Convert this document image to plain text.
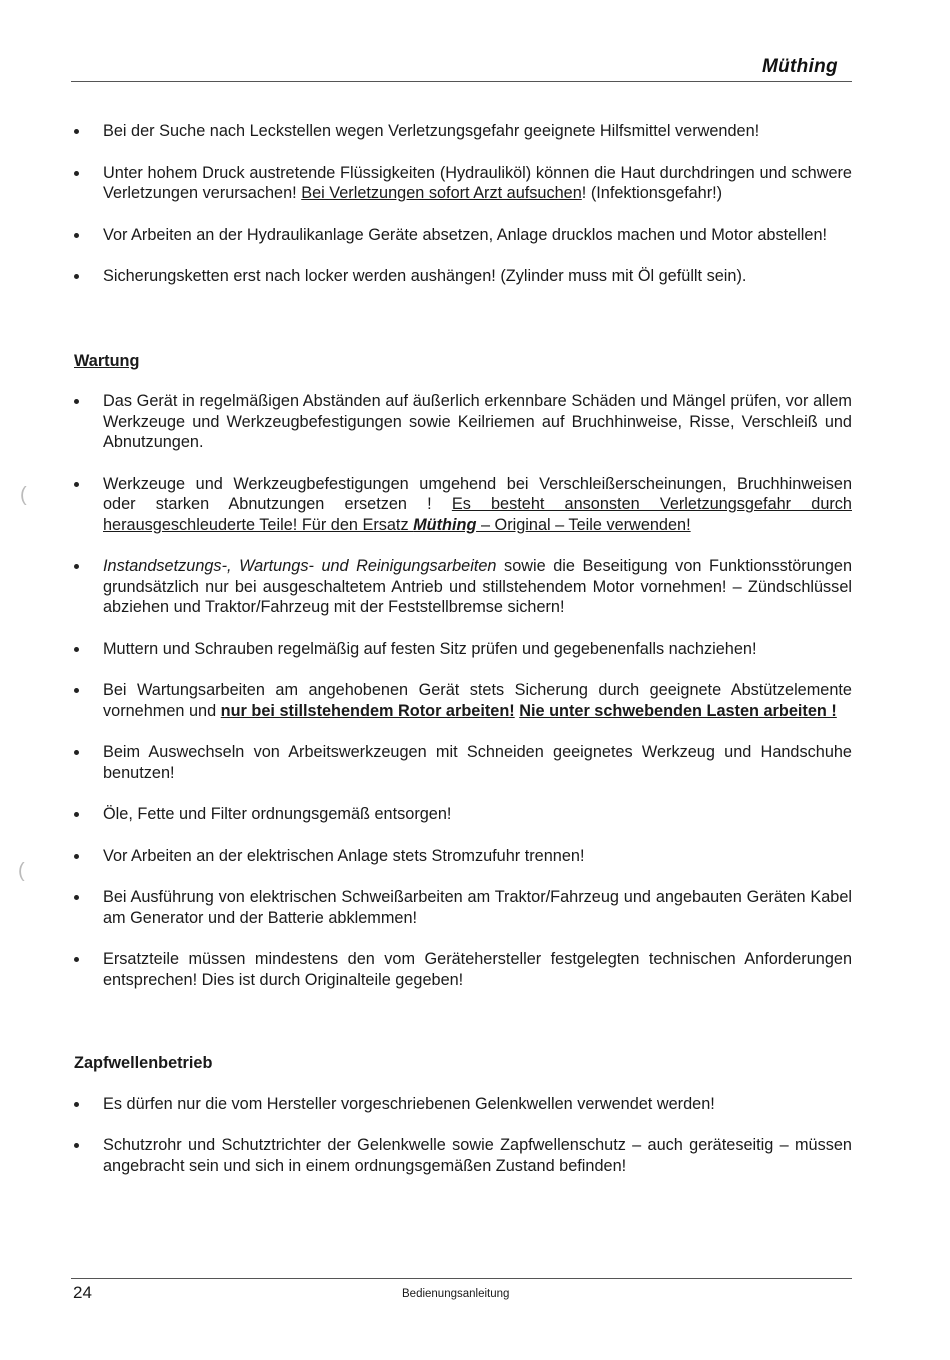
Müthing
(
(
Bei der Suche nach Leckstellen wegen Verletzungsgefahr geeignete Hilfsmittel verwenden!
Unter hohem Druck austretende Flüssigkeiten (Hydrauliköl) können die Haut durchdringen und schwere Verletzungen verursachen! Bei Verletzungen sofort Arzt aufsuchen! (Infektionsgefahr!)
Vor Arbeiten an der Hydraulikanlage Geräte absetzen, Anlage drucklos machen und Motor abstellen!
Sicherungsketten erst nach locker werden aushängen! (Zylinder muss mit Öl gefüllt sein).
Wartung
Das Gerät in regelmäßigen Abständen auf äußerlich erkennbare Schäden und Mängel prüfen, vor allem Werkzeuge und Werkzeugbefestigungen sowie Keilriemen auf Bruchhinweise, Risse, Verschleiß und Abnutzungen.
Werkzeuge und Werkzeugbefestigungen umgehend bei Verschleißerscheinungen, Bruchhinweisen oder starken Abnutzungen ersetzen ! Es besteht ansonsten Verletzungsgefahr durch herausgeschleuderte Teile! Für den Ersatz Müthing – Original – Teile verwenden!
Instandsetzungs-, Wartungs- und Reinigungsarbeiten sowie die Beseitigung von Funktionsstörungen grundsätzlich nur bei ausgeschaltetem Antrieb und stillstehendem Motor vornehmen! – Zündschlüssel abziehen und Traktor/Fahrzeug mit der Feststellbremse sichern!
Muttern und Schrauben regelmäßig auf festen Sitz prüfen und gegebenenfalls nachziehen!
Bei Wartungsarbeiten am angehobenen Gerät stets Sicherung durch geeignete Abstützelemente vornehmen und nur bei stillstehendem Rotor arbeiten! Nie unter schwebenden Lasten arbeiten !
Beim Auswechseln von Arbeitswerkzeugen mit Schneiden geeignetes Werkzeug und Handschuhe benutzen!
Öle, Fette und Filter ordnungsgemäß entsorgen!
Vor Arbeiten an der elektrischen Anlage stets Stromzufuhr trennen!
Bei Ausführung von elektrischen Schweißarbeiten am Traktor/Fahrzeug und angebauten Geräten Kabel am Generator und der Batterie abklemmen!
Ersatzteile müssen mindestens den vom Gerätehersteller festgelegten technischen Anforderungen entsprechen! Dies ist durch Originalteile gegeben!
Zapfwellenbetrieb
Es dürfen nur die vom Hersteller vorgeschriebenen Gelenkwellen verwendet werden!
Schutzrohr und Schutztrichter der Gelenkwelle sowie Zapfwellenschutz – auch geräteseitig – müssen angebracht sein und sich in einem ordnungsgemäßen Zustand befinden!
24	Bedienungsanleitung
